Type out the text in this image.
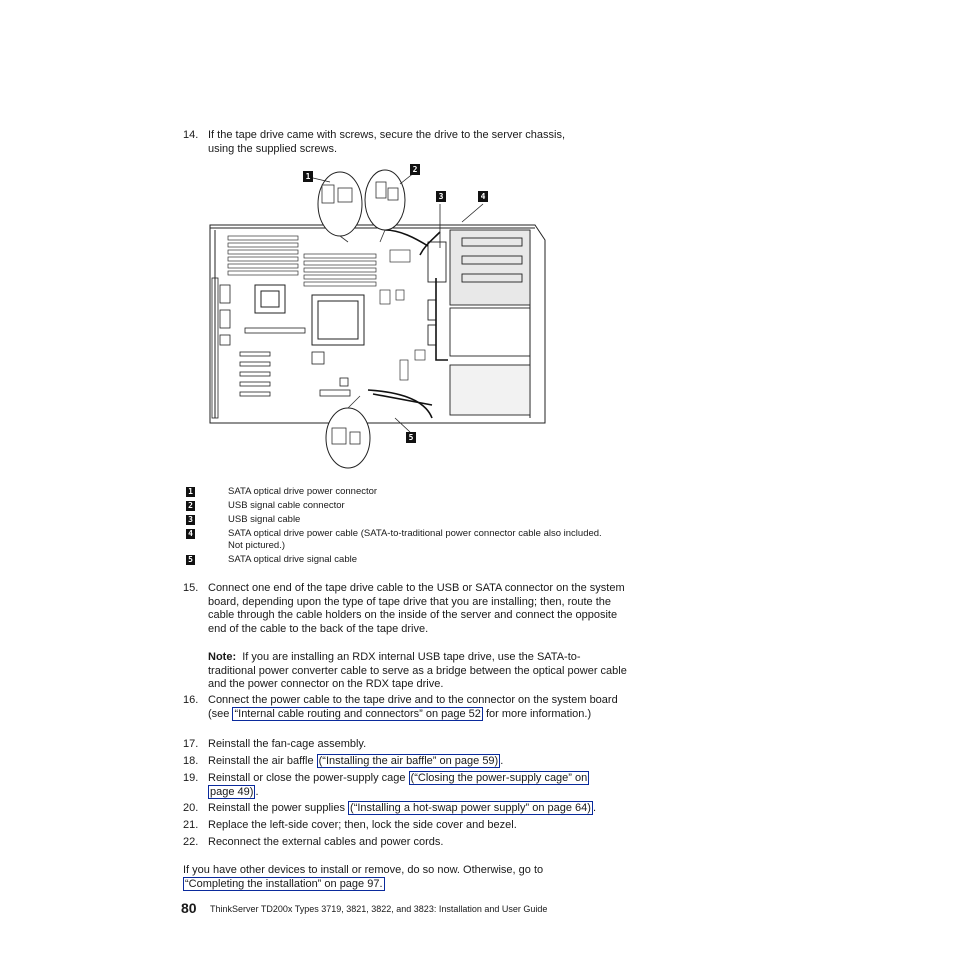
14. If the tape drive came with screws, secure the drive to the server chassis, using the supplied screws.
1
2
3	4
5
1	SATA optical drive power connector
2	USB signal cable connector
3	USB signal cable
4	SATA optical drive power cable (SATA-to-traditional power connector cable also included. Not pictured.)
5	SATA optical drive signal cable
15. Connect one end of the tape drive cable to the USB or SATA connector on the system board, depending upon the type of tape drive that you are installing; then, route the cable through the cable holders on the inside of the server and connect the opposite end of the cable to the back of the tape drive.
Note: If you are installing an RDX internal USB tape drive, use the SATA-to-traditional power converter cable to serve as a bridge between the optical power cable and the power connector on the RDX tape drive.
16. Connect the power cable to the tape drive and to the connector on the system board (see “Internal cable routing and connectors” on page 52 for more information.)
17. Reinstall the fan-cage assembly.
18. Reinstall the air baffle (“Installing the air baffle” on page 59) .
19. Reinstall or close the power-supply cage (“Closing the power-supply cage” on page 49) .
20. Reinstall the power supplies (“Installing a hot-swap power supply” on page 64) .
21. Replace the left-side cover; then, lock the side cover and bezel.
22. Reconnect the external cables and power cords.
If you have other devices to install or remove, do so now. Otherwise, go to
“Completing the installation” on page 97.
80 ThinkServer TD200x Types 3719, 3821, 3822, and 3823: Installation and User Guide
